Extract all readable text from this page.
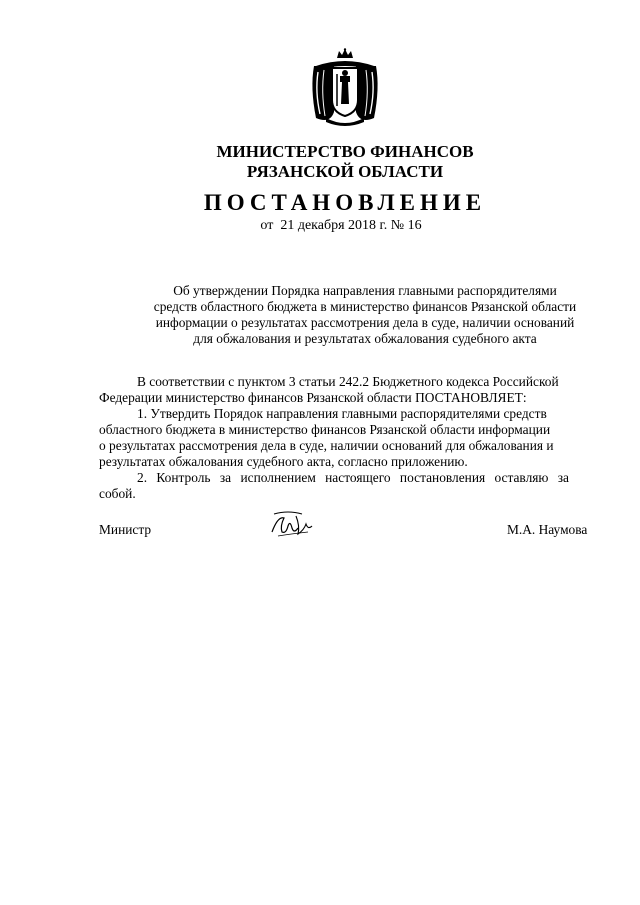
МИНИСТЕРСТВО ФИНАНСОВ

РЯЗАНСКОЙ ОБЛАСТИ

ПОСТАНОВЛЕНИЕ

от  21 декабря 2018 г. № 16

Об утверждении Порядка направления главными распорядителями
средств областного бюджета в министерство финансов Рязанской области
информации о результатах рассмотрения дела в суде, наличии оснований
для обжалования и результатах обжалования судебного акта
В соответствии с пунктом 3 статьи 242.2 Бюджетного кодекса Российской
Федерации министерство финансов Рязанской области ПОСТАНОВЛЯЕТ:
1. Утвердить Порядок направления главными распорядителями средств
областного бюджета в министерство финансов Рязанской области информации
о результатах рассмотрения дела в суде, наличии оснований для обжалования и
результатах обжалования судебного акта, согласно приложению.
2. Контроль за исполнением настоящего постановления оставляю за
собой.

Министр	М.А. Наумова
